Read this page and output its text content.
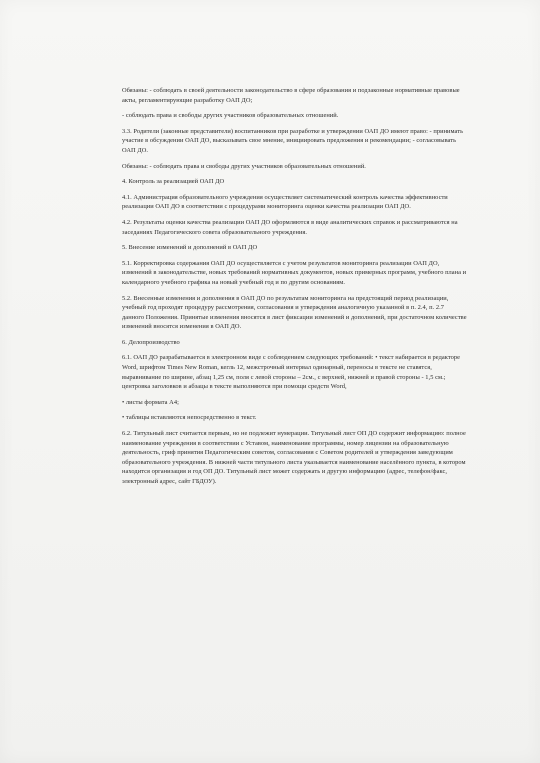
Обязаны: - соблюдать в своей деятельности законодательство в сфере образования и подзаконные нормативные правовые акты, регламентирующие разработку ОАП ДО;

- соблюдать права и свободы других участников образовательных отношений.

3.3. Родители (законные представители) воспитанников при разработке и утверждении ОАП ДО имеют право: - принимать участие в обсуждении ОАП ДО, высказывать свое мнение, инициировать предложения и рекомендации; - согласовывать ОАП ДО.

Обязаны: - соблюдать права и свободы других участников образовательных отношений.

4. Контроль за реализацией ОАП ДО

4.1. Администрация образовательного учреждения осуществляет систематический контроль качества эффективности реализации ОАП ДО в соответствии с процедурами мониторинга оценки качества реализации ОАП ДО.

4.2. Результаты оценки качества реализации ОАП ДО оформляются в виде аналитических справок и рассматриваются на заседаниях Педагогического совета образовательного учреждения.

5. Внесение изменений и дополнений в ОАП ДО

5.1. Корректировка содержания ОАП ДО осуществляется с учетом результатов мониторинга реализации ОАП ДО, изменений в законодательстве, новых требований нормативных документов, новых примерных программ, учебного плана и календарного учебного графика на новый учебный год и по другим основаниям.

5.2. Внесенные изменения и дополнения в ОАП ДО по результатам мониторинга на предстоящий период реализации, учебный год проходят процедуру рассмотрения, согласования и утверждения аналогичную указанной в п. 2.4, п. 2.7 данного Положения. Принятые изменения вносятся в лист фиксации изменений и дополнений, при достаточном количестве изменений вносятся изменения в ОАП ДО.

6. Делопроизводство

6.1. ОАП ДО разрабатывается в электронном виде с соблюдением следующих требований: • текст набирается в редакторе Word, шрифтом Times New Roman, кегль 12, межстрочный интервал одинарный, переносы в тексте не ставятся, выравнивание по ширине, абзац 1,25 см, поля с левой стороны – 2см., с верхней, нижней и правой стороны - 1,5 см.; центровка заголовков и абзацы в тексте выполняются при помощи средств Word,

• листы формата А4;

• таблицы вставляются непосредственно в текст.

6.2. Титульный лист считается первым, но не подлежит нумерации. Титульный лист ОП ДО содержит информацию: полное наименование учреждения в соответствии с Уставом, наименование программы, номер лицензии на образовательную деятельность, гриф принятия Педагогическим советом, согласования с Советом родителей и утверждения заведующим образовательного учреждения. В нижней части титульного листа указывается наименование населённого пункта, в котором находится организация и год ОП ДО. Титульный лист может содержать и другую информацию (адрес, телефон/факс, электронный адрес, сайт ГБДОУ).
